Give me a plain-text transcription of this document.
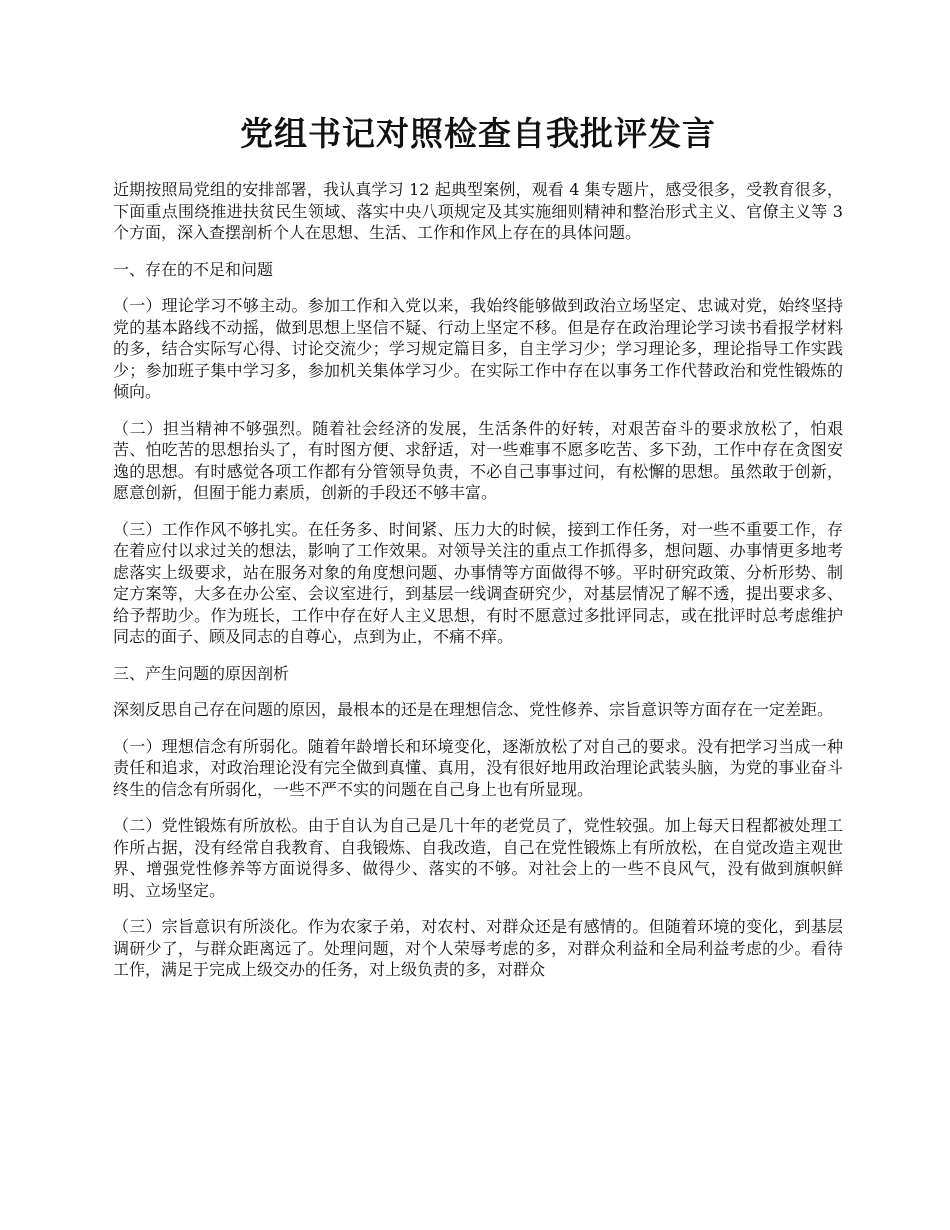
党组书记对照检查自我批评发言

近期按照局党组的安排部署，我认真学习 12 起典型案例，观看 4 集专题片，感受很多，受教育很多，下面重点围绕推进扶贫民生领域、落实中央八项规定及其实施细则精神和整治形式主义、官僚主义等 3 个方面，深入查摆剖析个人在思想、生活、工作和作风上存在的具体问题。

一、存在的不足和问题

（一）理论学习不够主动。参加工作和入党以来，我始终能够做到政治立场坚定、忠诚对党，始终坚持党的基本路线不动摇，做到思想上坚信不疑、行动上坚定不移。但是存在政治理论学习读书看报学材料的多，结合实际写心得、讨论交流少；学习规定篇目多，自主学习少；学习理论多，理论指导工作实践少；参加班子集中学习多，参加机关集体学习少。在实际工作中存在以事务工作代替政治和党性锻炼的倾向。

（二）担当精神不够强烈。随着社会经济的发展，生活条件的好转，对艰苦奋斗的要求放松了，怕艰苦、怕吃苦的思想抬头了，有时图方便、求舒适，对一些难事不愿多吃苦、多下劲，工作中存在贪图安逸的思想。有时感觉各项工作都有分管领导负责，不必自己事事过问，有松懈的思想。虽然敢于创新，愿意创新，但囿于能力素质，创新的手段还不够丰富。

（三）工作作风不够扎实。在任务多、时间紧、压力大的时候，接到工作任务，对一些不重要工作，存在着应付以求过关的想法，影响了工作效果。对领导关注的重点工作抓得多，想问题、办事情更多地考虑落实上级要求，站在服务对象的角度想问题、办事情等方面做得不够。平时研究政策、分析形势、制定方案等，大多在办公室、会议室进行，到基层一线调查研究少，对基层情况了解不透，提出要求多、给予帮助少。作为班长，工作中存在好人主义思想，有时不愿意过多批评同志，或在批评时总考虑维护同志的面子、顾及同志的自尊心，点到为止，不痛不痒。

三、产生问题的原因剖析

深刻反思自己存在问题的原因，最根本的还是在理想信念、党性修养、宗旨意识等方面存在一定差距。

（一）理想信念有所弱化。随着年龄增长和环境变化，逐渐放松了对自己的要求。没有把学习当成一种责任和追求，对政治理论没有完全做到真懂、真用，没有很好地用政治理论武装头脑，为党的事业奋斗终生的信念有所弱化，一些不严不实的问题在自己身上也有所显现。

（二）党性锻炼有所放松。由于自认为自己是几十年的老党员了，党性较强。加上每天日程都被处理工作所占据，没有经常自我教育、自我锻炼、自我改造，自己在党性锻炼上有所放松，在自觉改造主观世界、增强党性修养等方面说得多、做得少、落实的不够。对社会上的一些不良风气，没有做到旗帜鲜明、立场坚定。

（三）宗旨意识有所淡化。作为农家子弟，对农村、对群众还是有感情的。但随着环境的变化，到基层调研少了，与群众距离远了。处理问题，对个人荣辱考虑的多，对群众利益和全局利益考虑的少。看待工作，满足于完成上级交办的任务，对上级负责的多，对群众
